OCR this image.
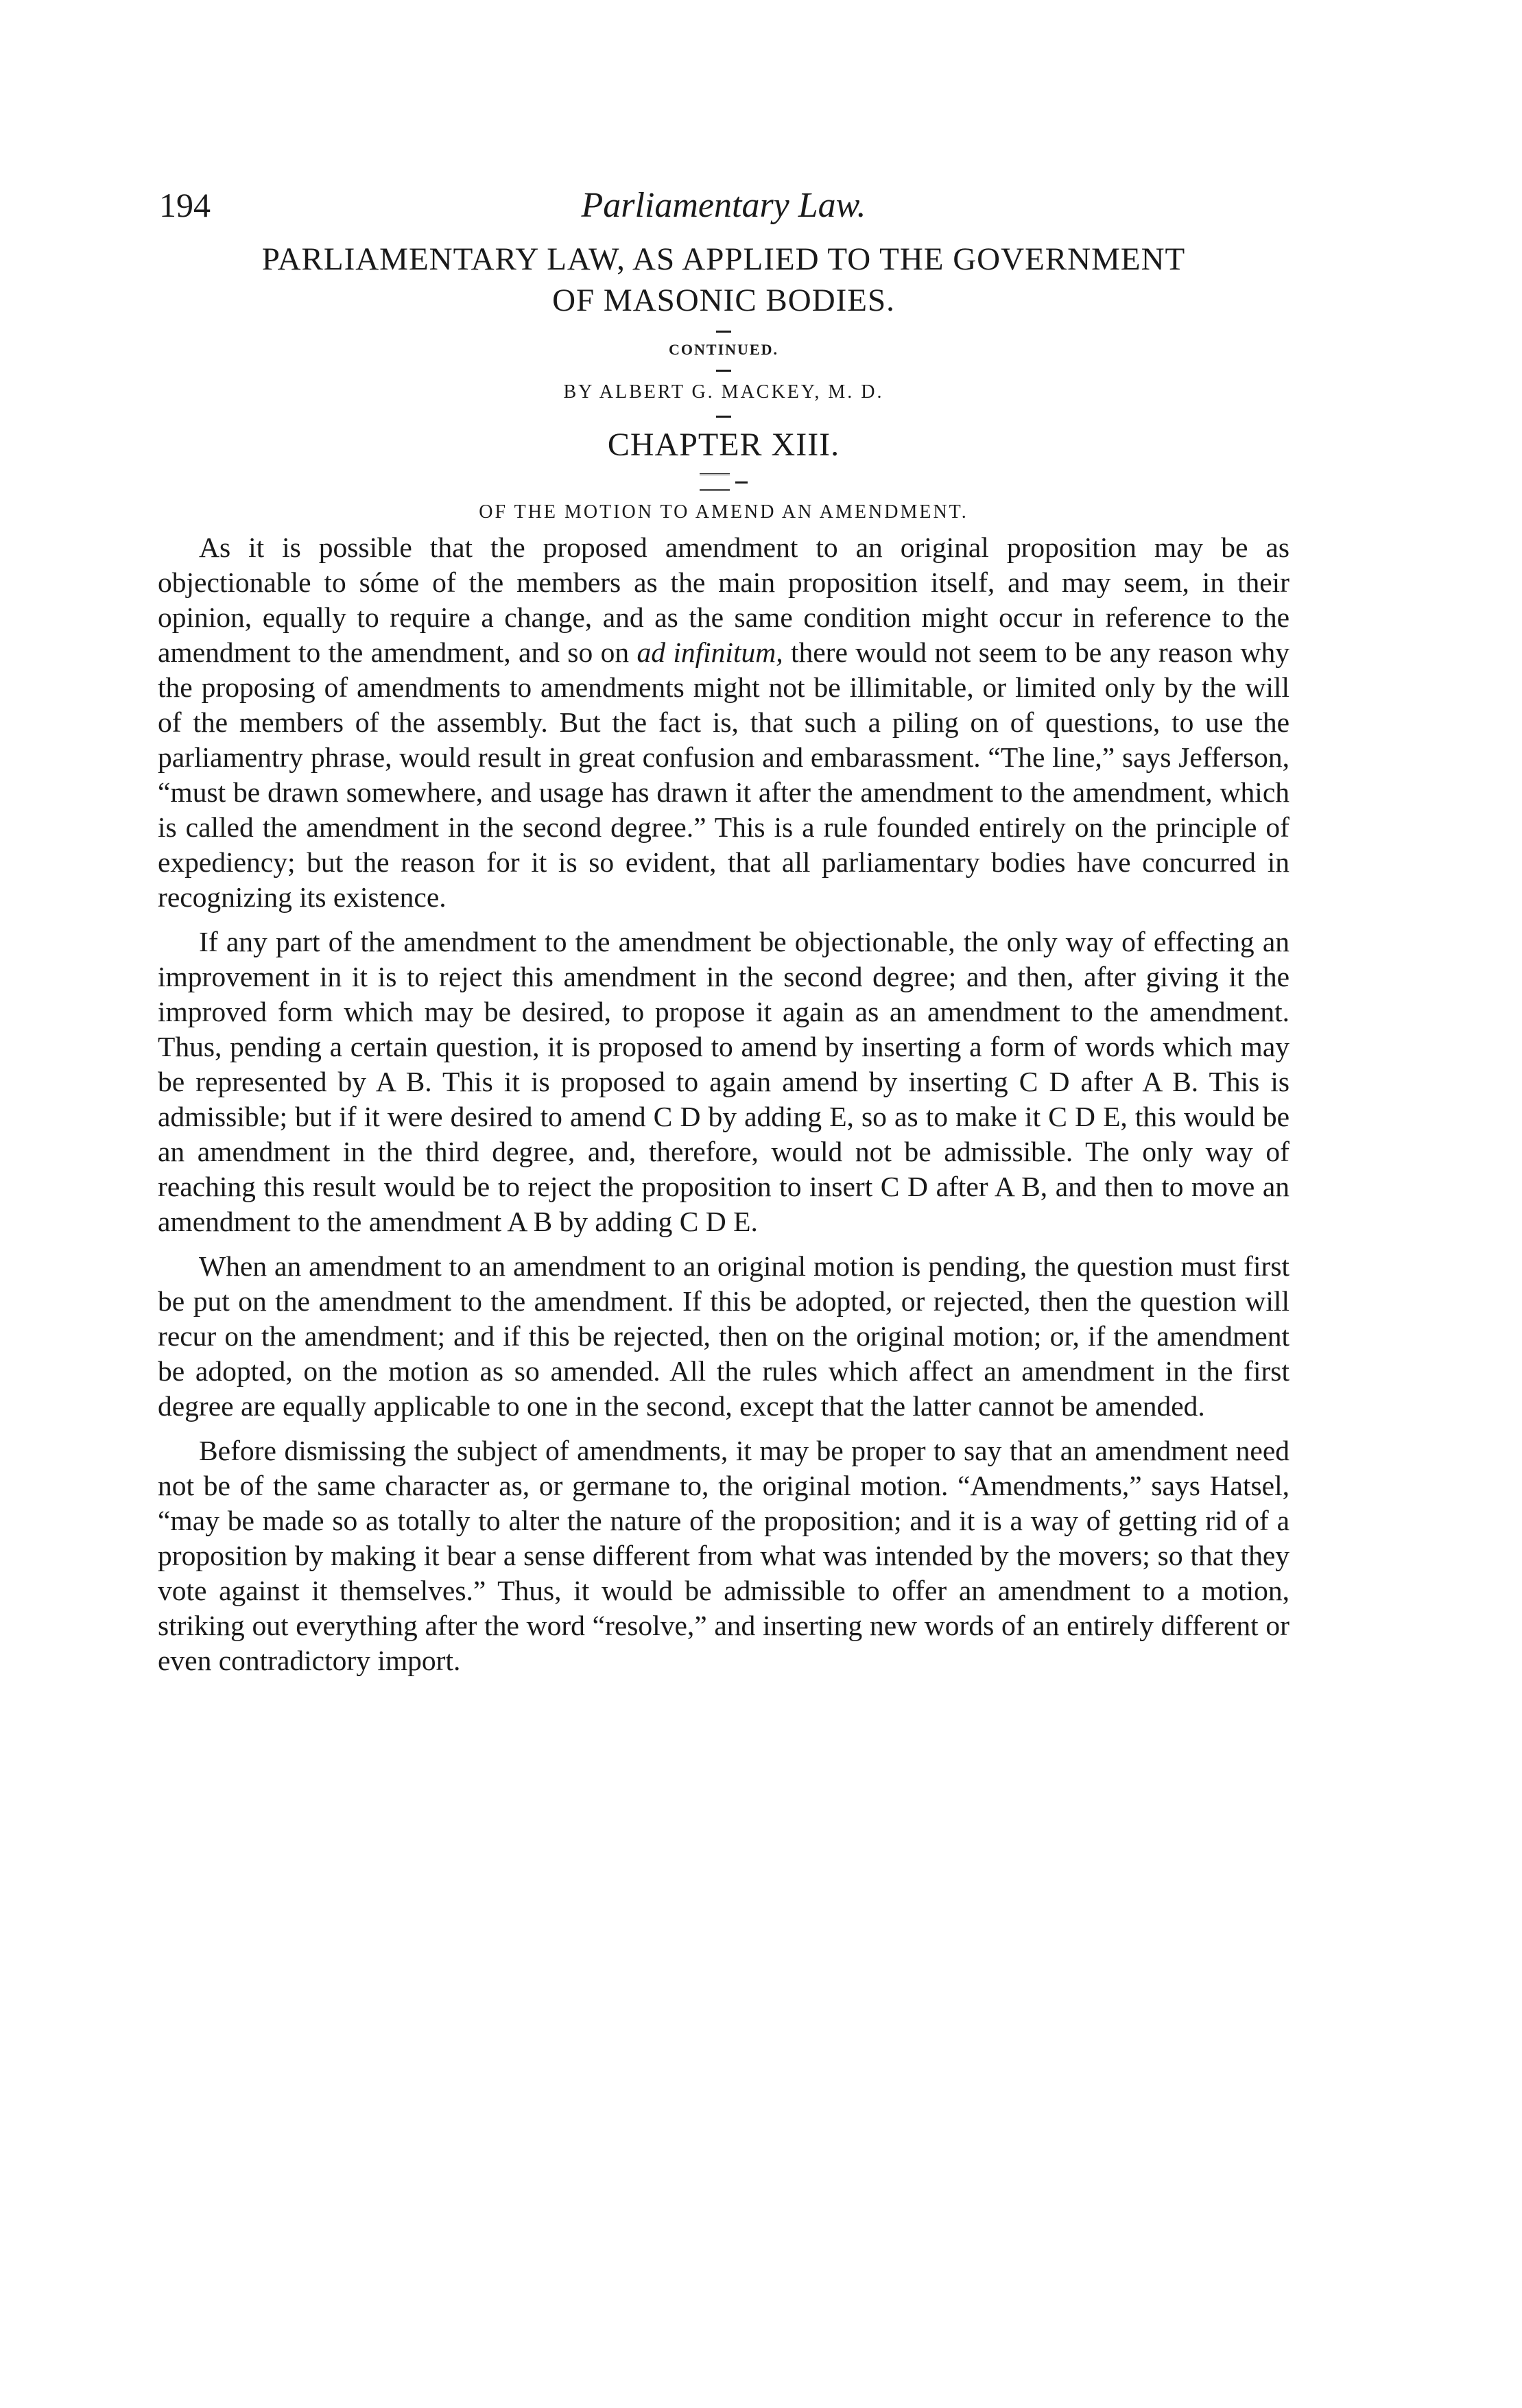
194	Parliamentary Law.
PARLIAMENTARY LAW, AS APPLIED TO THE GOVERNMENT
OF MASONIC BODIES.
CONTINUED.
BY ALBERT G. MACKEY, M. D.
CHAPTER XIII.
OF THE MOTION TO AMEND AN AMENDMENT.

As it is possible that the proposed amendment to an original proposition may be as objectionable to sóme of the members as the main proposition itself, and may seem, in their opinion, equally to require a change, and as the same condition might occur in reference to the amendment to the amendment, and so on ad infinitum, there would not seem to be any reason why the proposing of amendments to amendments might not be illimitable, or limited only by the will of the members of the assembly. But the fact is, that such a piling on of questions, to use the parliamentry phrase, would result in great confusion and embarassment. “The line,” says Jefferson, “must be drawn somewhere, and usage has drawn it after the amendment to the amendment, which is called the amendment in the second degree.” This is a rule founded entirely on the principle of expediency; but the reason for it is so evident, that all parliamentary bodies have concurred in recognizing its existence.

If any part of the amendment to the amendment be objectionable, the only way of effecting an improvement in it is to reject this amendment in the second degree; and then, after giving it the improved form which may be desired, to propose it again as an amendment to the amendment. Thus, pending a certain question, it is proposed to amend by inserting a form of words which may be represented by A B. This it is proposed to again amend by inserting C D after A B. This is admissible; but if it were desired to amend C D by adding E, so as to make it C D E, this would be an amendment in the third degree, and, therefore, would not be admissible. The only way of reaching this result would be to reject the proposition to insert C D after A B, and then to move an amendment to the amendment A B by adding C D E.

When an amendment to an amendment to an original motion is pending, the question must first be put on the amendment to the amendment. If this be adopted, or rejected, then the question will recur on the amendment; and if this be rejected, then on the original motion; or, if the amendment be adopted, on the motion as so amended. All the rules which affect an amendment in the first degree are equally applicable to one in the second, except that the latter cannot be amended.

Before dismissing the subject of amendments, it may be proper to say that an amendment need not be of the same character as, or germane to, the original motion. “Amendments,” says Hatsel, “may be made so as totally to alter the nature of the proposition; and it is a way of getting rid of a proposition by making it bear a sense different from what was intended by the movers; so that they vote against it themselves.” Thus, it would be admissible to offer an amendment to a motion, striking out everything after the word “resolve,” and inserting new words of an entirely different or even contradictory import.
